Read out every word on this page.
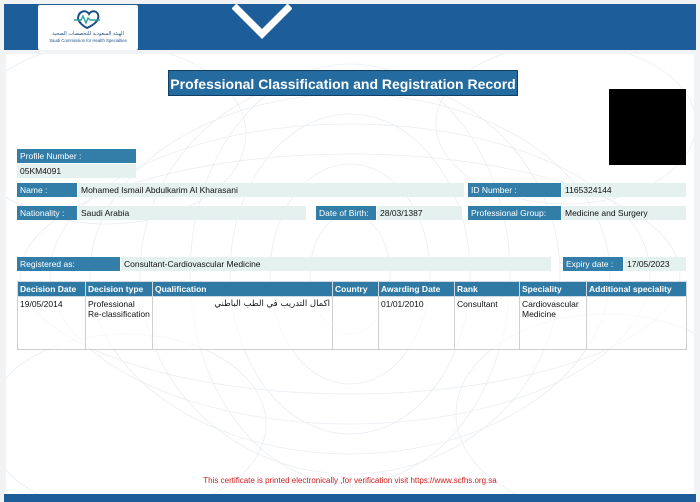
الهيئة السعودية للتخصصات الصحية
Saudi Commission for Health Specialties
Professional Classification and Registration Record
Profile Number :
05KM4091
Name :	Mohamed Ismail Abdulkarim Al Kharasani	ID Number :	1165324144
Nationality :	Saudi Arabia	Date of Birth:	28/03/1387	Professional Group:	Medicine and Surgery
Registered as:	Consultant-Cardiovascular Medicine	Expiry date :	17/05/2023
Decision Date	Decision type	Qualification	Country	Awarding Date	Rank	Speciality	Additional speciality
19/05/2014	Professional Re-classification	اكمال التدريب في الطب الباطني		01/01/2010	Consultant	Cardiovascular Medicine	
This certificate is printed electronically ,for verification visit https://www.scfhs.org.sa
